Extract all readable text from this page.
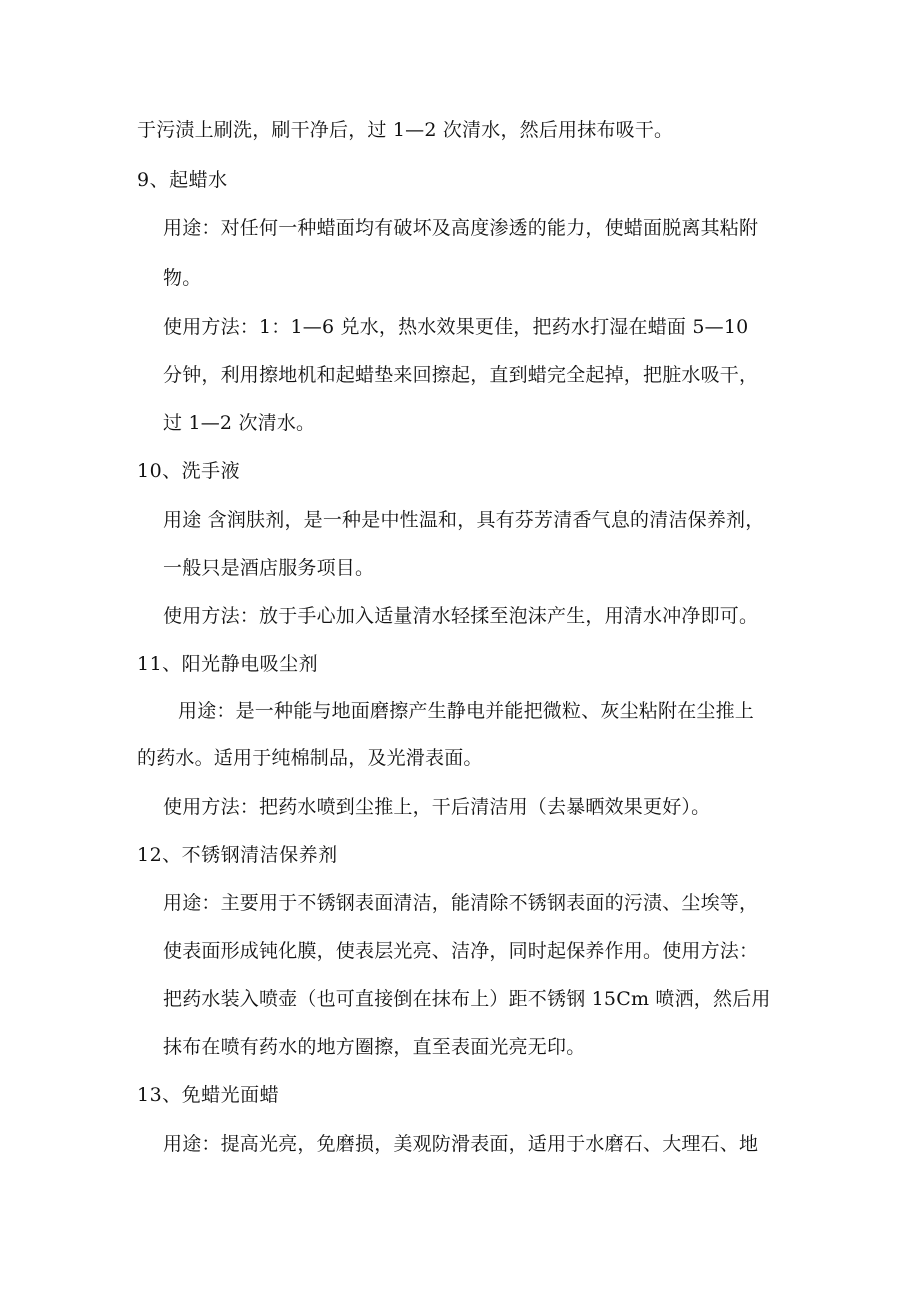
于污渍上刷洗，刷干净后，过 1—2 次清水，然后用抹布吸干。
9、起蜡水
用途：对任何一种蜡面均有破坏及高度渗透的能力，使蜡面脱离其粘附
物。
使用方法：1：1—6 兑水，热水效果更佳，把药水打湿在蜡面 5—10
分钟，利用擦地机和起蜡垫来回擦起，直到蜡完全起掉，把脏水吸干，
过 1—2 次清水。
10、洗手液
用途 含润肤剂，是一种是中性温和，具有芬芳清香气息的清洁保养剂，
一般只是酒店服务项目。
使用方法：放于手心加入适量清水轻揉至泡沫产生，用清水冲净即可。
11、阳光静电吸尘剂
用途：是一种能与地面磨擦产生静电并能把微粒、灰尘粘附在尘推上
的药水。适用于纯棉制品，及光滑表面。
使用方法：把药水喷到尘推上，干后清洁用（去暴晒效果更好）。
12、不锈钢清洁保养剂
用途：主要用于不锈钢表面清洁，能清除不锈钢表面的污渍、尘埃等，
使表面形成钝化膜，使表层光亮、洁净，同时起保养作用。使用方法：
把药水装入喷壶（也可直接倒在抹布上）距不锈钢 15Cm 喷洒，然后用
抹布在喷有药水的地方圈擦，直至表面光亮无印。
13、免蜡光面蜡
用途：提高光亮，免磨损，美观防滑表面，适用于水磨石、大理石、地
